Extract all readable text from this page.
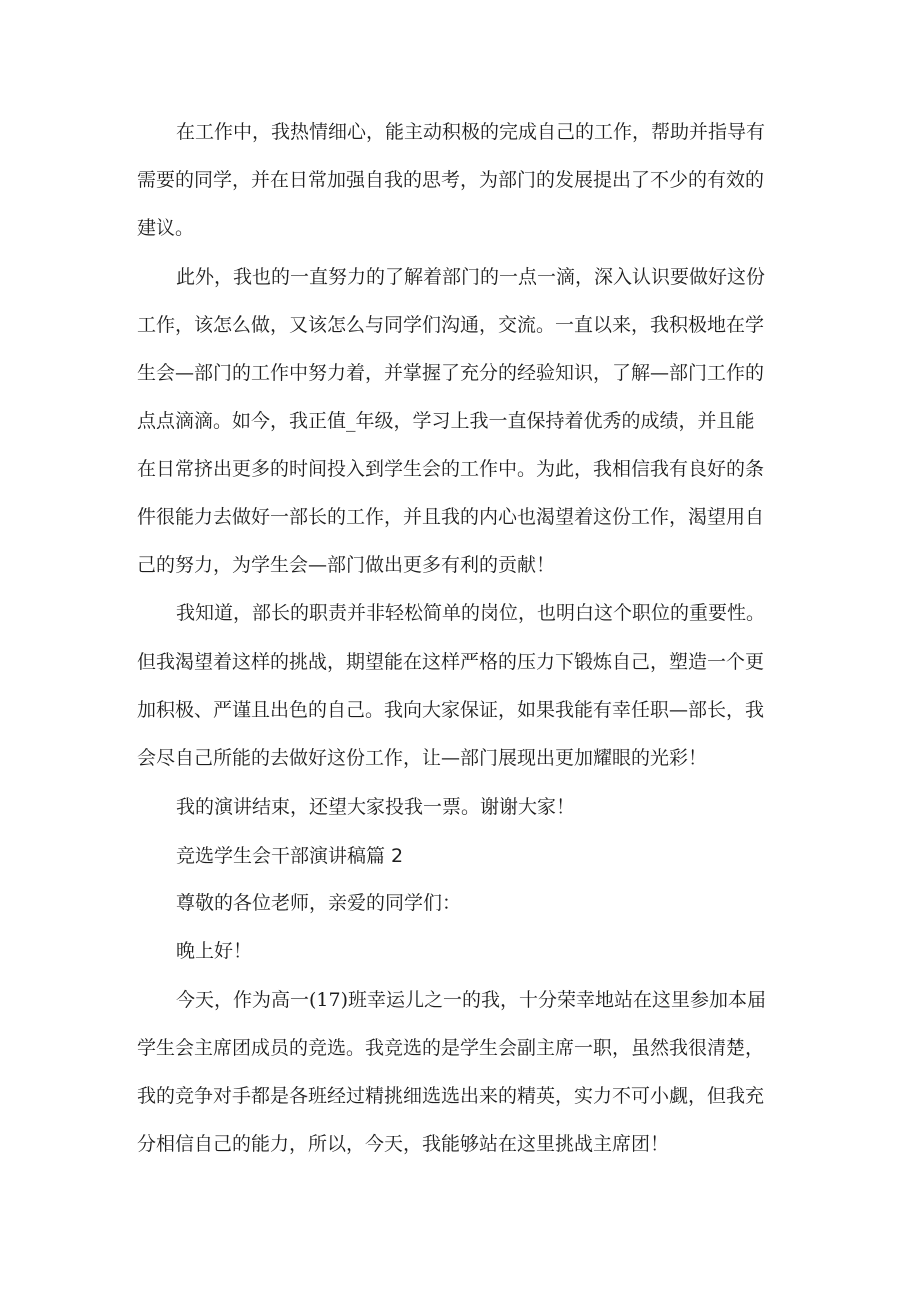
在工作中，我热情细心，能主动积极的完成自己的工作，帮助并指导有
需要的同学，并在日常加强自我的思考，为部门的发展提出了不少的有效的
建议。
此外，我也的一直努力的了解着部门的一点一滴，深入认识要做好这份
工作，该怎么做，又该怎么与同学们沟通，交流。一直以来，我积极地在学
生会—部门的工作中努力着，并掌握了充分的经验知识，了解—部门工作的
点点滴滴。如今，我正值_年级，学习上我一直保持着优秀的成绩，并且能
在日常挤出更多的时间投入到学生会的工作中。为此，我相信我有良好的条
件很能力去做好一部长的工作，并且我的内心也渴望着这份工作，渴望用自
己的努力，为学生会—部门做出更多有利的贡献！
我知道，部长的职责并非轻松简单的岗位，也明白这个职位的重要性。
但我渴望着这样的挑战，期望能在这样严格的压力下锻炼自己，塑造一个更
加积极、严谨且出色的自己。我向大家保证，如果我能有幸任职—部长，我
会尽自己所能的去做好这份工作，让—部门展现出更加耀眼的光彩！
我的演讲结束，还望大家投我一票。谢谢大家！
竞选学生会干部演讲稿篇 2
尊敬的各位老师，亲爱的同学们：
晚上好！
今天，作为高一(17)班幸运儿之一的我，十分荣幸地站在这里参加本届
学生会主席团成员的竞选。我竞选的是学生会副主席一职，虽然我很清楚，
我的竞争对手都是各班经过精挑细选选出来的精英，实力不可小觑，但我充
分相信自己的能力，所以，今天，我能够站在这里挑战主席团！
